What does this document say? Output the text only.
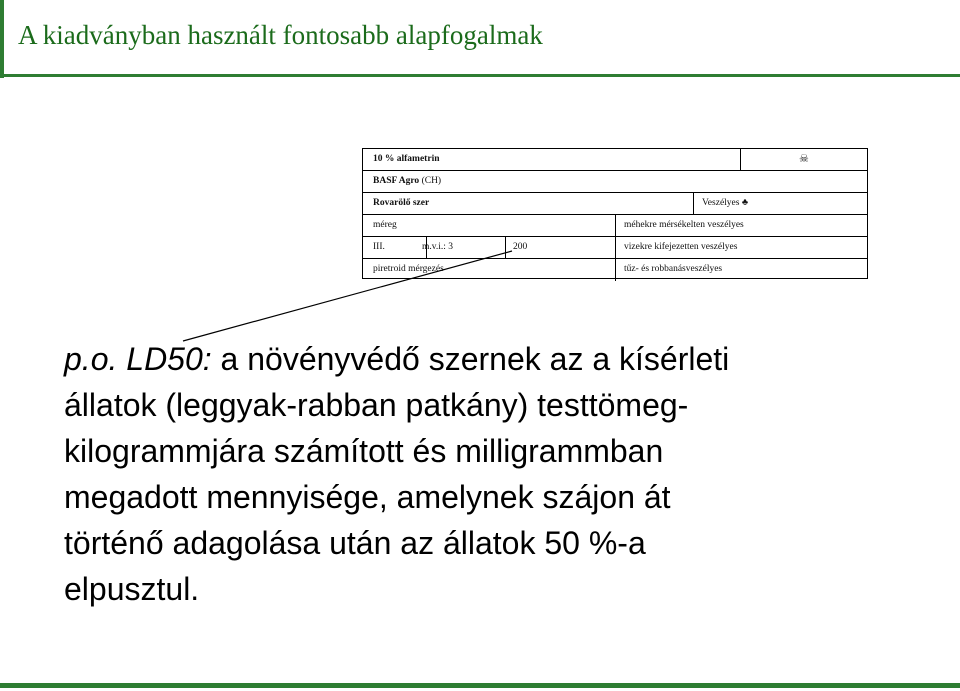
A kiadványban használt fontosabb alapfogalmak
10 % alfametrin	☠
BASF Agro (CH)
Rovarölő szer	Veszélyes ♣
méreg	méhekre mérsékelten veszélyes
III.	m.v.i.: 3	200	vizekre kifejezetten veszélyes
piretroid mérgezés	tűz- és robbanásveszélyes
p.o. LD50: a növényvédő szernek az a kísérleti
állatok (leggyak-rabban patkány) testtömeg-
kilogrammjára számított és milligrammban
megadott mennyisége, amelynek szájon át
történő adagolása után az állatok 50 %-a
elpusztul.
